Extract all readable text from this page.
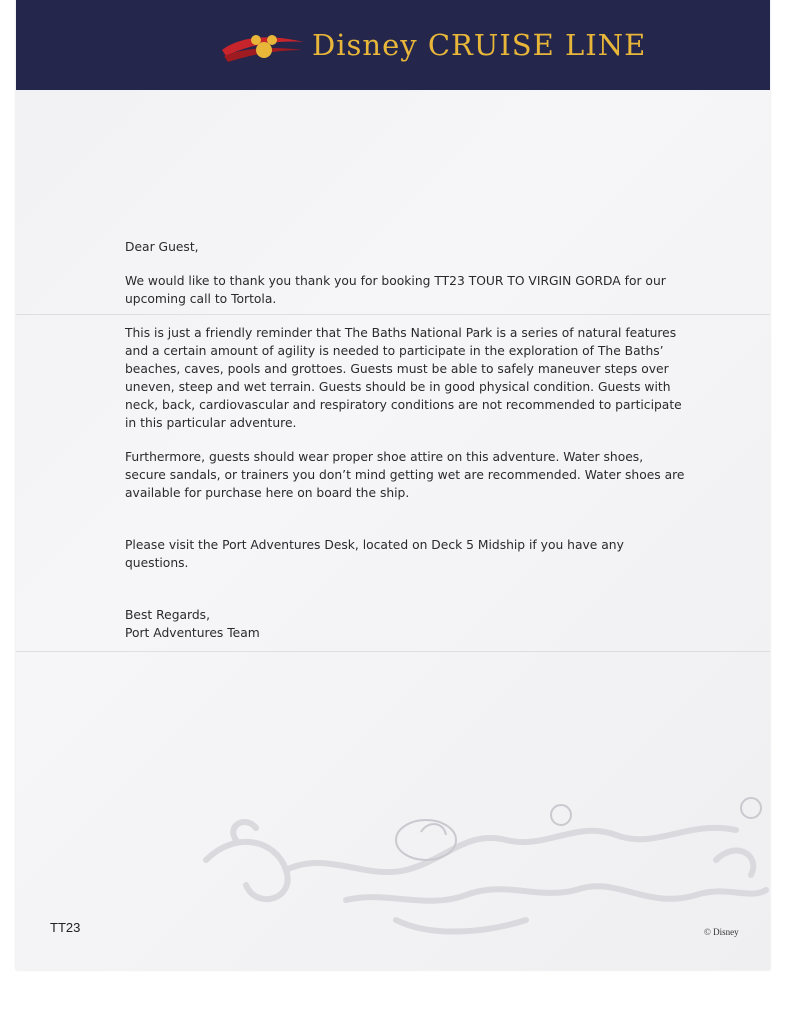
Disney CRUISE LINE

Dear Guest,

We would like to thank you thank you for booking TT23 TOUR TO VIRGIN GORDA for our upcoming call to Tortola.

This is just a friendly reminder that The Baths National Park is a series of natural features and a certain amount of agility is needed to participate in the exploration of The Baths’ beaches, caves, pools and grottoes. Guests must be able to safely maneuver steps over uneven, steep and wet terrain. Guests should be in good physical condition. Guests with neck, back, cardiovascular and respiratory conditions are not recommended to participate in this particular adventure.

Furthermore, guests should wear proper shoe attire on this adventure. Water shoes, secure sandals, or trainers you don’t mind getting wet are recommended. Water shoes are available for purchase here on board the ship.

Please visit the Port Adventures Desk, located on Deck 5 Midship if you have any questions.

Best Regards,

Port Adventures Team

TT23	© Disney
